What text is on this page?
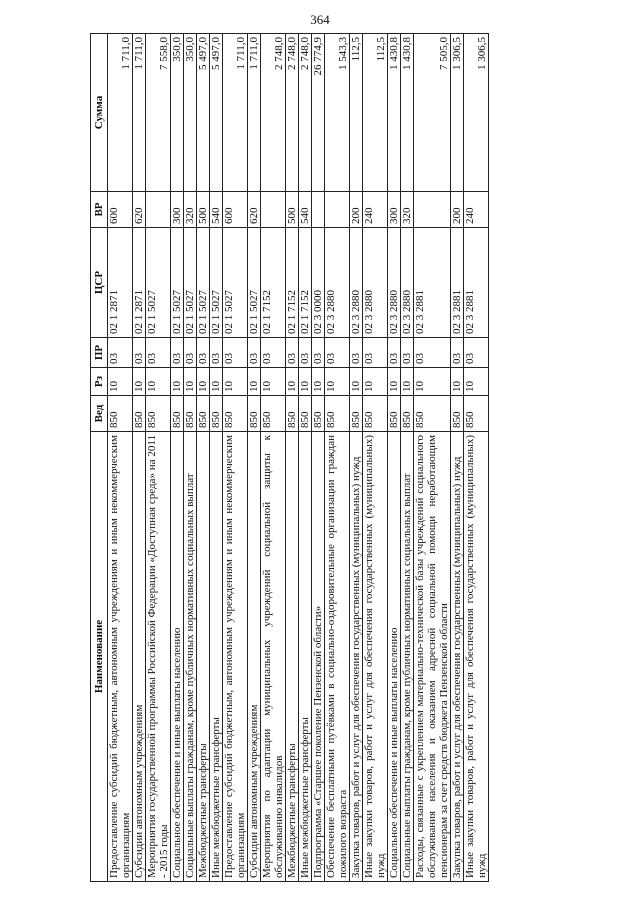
364
Наименование	Вед	Рз	ПР	ЦСР	ВР	Сумма
Предоставление субсидий бюджетным, автономным учреждениям и иным некоммерческим организациям	850	10	03	02 1 2871	600	1 711,0
Субсидии автономным учреждениям	850	10	03	02 1 2871	620	1 711,0
Мероприятия государственной программы Российской Федерации «Доступная среда» на 2011 - 2015 годы	850	10	03	02 1 5027		7 558,0
Социальное обеспечение и иные выплаты населению	850	10	03	02 1 5027	300	350,0
Социальные выплаты гражданам, кроме публичных нормативных социальных выплат	850	10	03	02 1 5027	320	350,0
Межбюджетные трансферты	850	10	03	02 1 5027	500	5 497,0
Иные межбюджетные трансферты	850	10	03	02 1 5027	540	5 497,0
Предоставление субсидий бюджетным, автономным учреждениям и иным некоммерческим организациям	850	10	03	02 1 5027	600	1 711,0
Субсидии автономным учреждениям	850	10	03	02 1 5027	620	1 711,0
Мероприятия по адаптации муниципальных учреждений социальной защиты к обслуживанию инвалидов	850	10	03	02 1 7152		2 748,0
Межбюджетные трансферты	850	10	03	02 1 7152	500	2 748,0
Иные межбюджетные трансферты	850	10	03	02 1 7152	540	2 748,0
Подпрограмма «Старшее поколение Пензенской области»	850	10	03	02 3 0000		26 774,9
Обеспечение бесплатными путёвками в социально-оздоровительные организации граждан пожилого возраста	850	10	03	02 3 2880		1 543,3
Закупка товаров, работ и услуг для обеспечения государственных (муниципальных) нужд	850	10	03	02 3 2880	200	112,5
Иные закупки товаров, работ и услуг для обеспечения государственных (муниципальных) нужд	850	10	03	02 3 2880	240	112,5
Социальное обеспечение и иные выплаты населению	850	10	03	02 3 2880	300	1 430,8
Социальные выплаты гражданам, кроме публичных нормативных социальных выплат	850	10	03	02 3 2880	320	1 430,8
Расходы, связанные с укреплением материально-технической базы учреждений социального обслуживания населения и оказанием адресной социальной помощи неработающим пенсионерам за счет средств бюджета Пензенской области	850	10	03	02 3 2881		7 505,0
Закупка товаров, работ и услуг для обеспечения государственных (муниципальных) нужд	850	10	03	02 3 2881	200	1 306,5
Иные закупки товаров, работ и услуг для обеспечения государственных (муниципальных) нужд	850	10	03	02 3 2881	240	1 306,5
